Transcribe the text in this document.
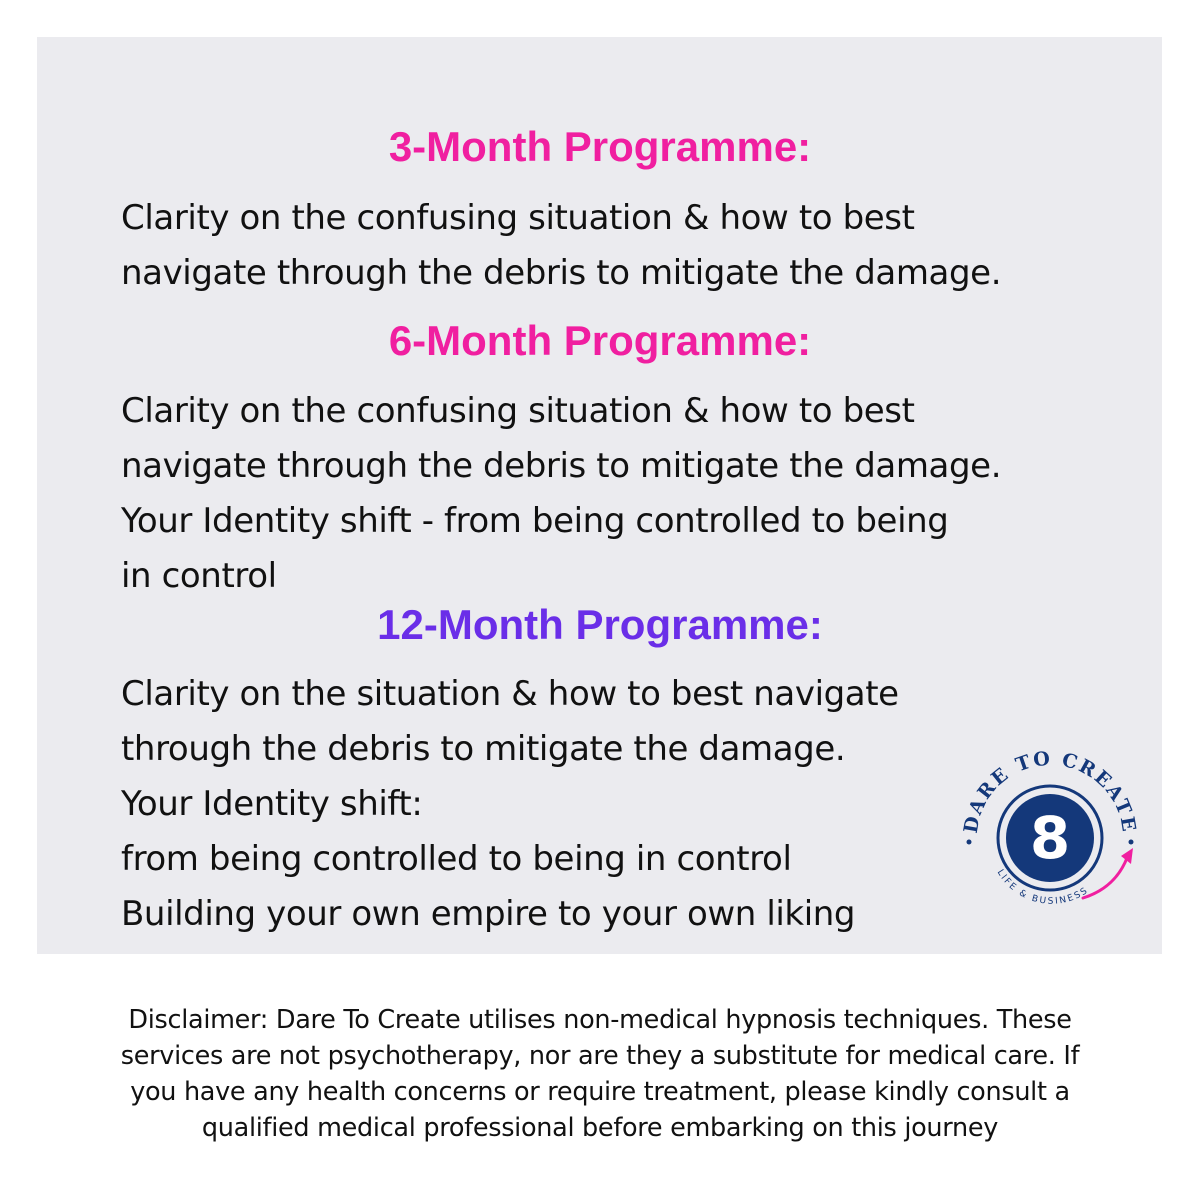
3-Month Programme:
Clarity on the confusing situation & how to best
navigate through the debris to mitigate the damage.
6-Month Programme:
Clarity on the confusing situation & how to best
navigate through the debris to mitigate the damage.
Your Identity shift - from being controlled to being
in control
12-Month Programme:
Clarity on the situation & how to best navigate
through the debris to mitigate the damage.
Your Identity shift:
from being controlled to being in control
Building your own empire to your own liking
DARE TO CREATE
8
LIFE & BUSINESS
Disclaimer: Dare To Create utilises non-medical hypnosis techniques. These
services are not psychotherapy, nor are they a substitute for medical care. If
you have any health concerns or require treatment, please kindly consult a
qualified medical professional before embarking on this journey
